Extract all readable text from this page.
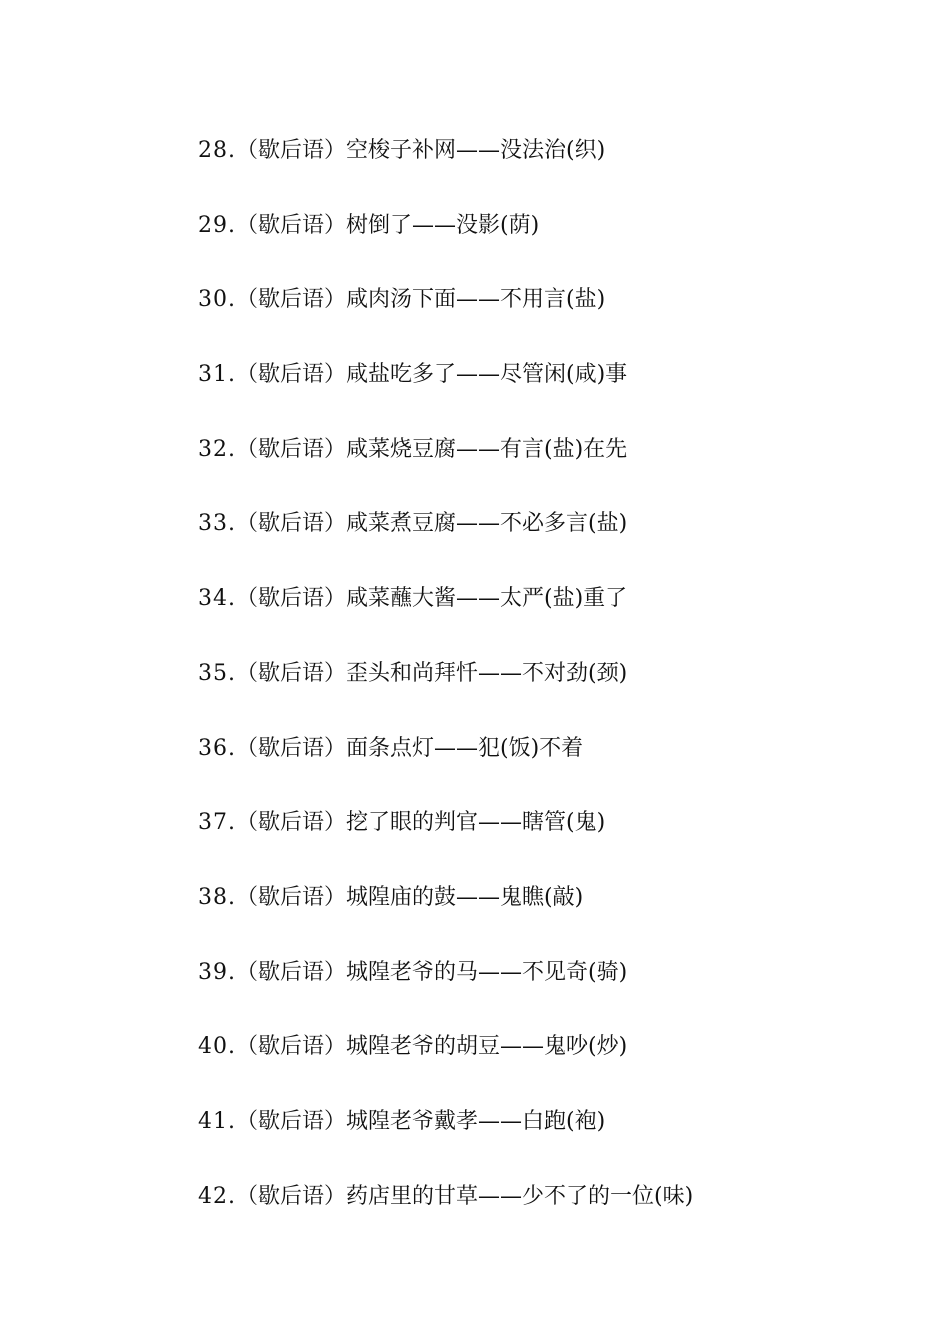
28.（歇后语）空梭子补网——没法治(织)
29.（歇后语）树倒了——没影(荫)
30.（歇后语）咸肉汤下面——不用言(盐)
31.（歇后语）咸盐吃多了——尽管闲(咸)事
32.（歇后语）咸菜烧豆腐——有言(盐)在先
33.（歇后语）咸菜煮豆腐——不必多言(盐)
34.（歇后语）咸菜蘸大酱——太严(盐)重了
35.（歇后语）歪头和尚拜忏——不对劲(颈)
36.（歇后语）面条点灯——犯(饭)不着
37.（歇后语）挖了眼的判官——瞎管(鬼)
38.（歇后语）城隍庙的鼓——鬼瞧(敲)
39.（歇后语）城隍老爷的马——不见奇(骑)
40.（歇后语）城隍老爷的胡豆——鬼吵(炒)
41.（歇后语）城隍老爷戴孝——白跑(袍)
42.（歇后语）药店里的甘草——少不了的一位(味)
